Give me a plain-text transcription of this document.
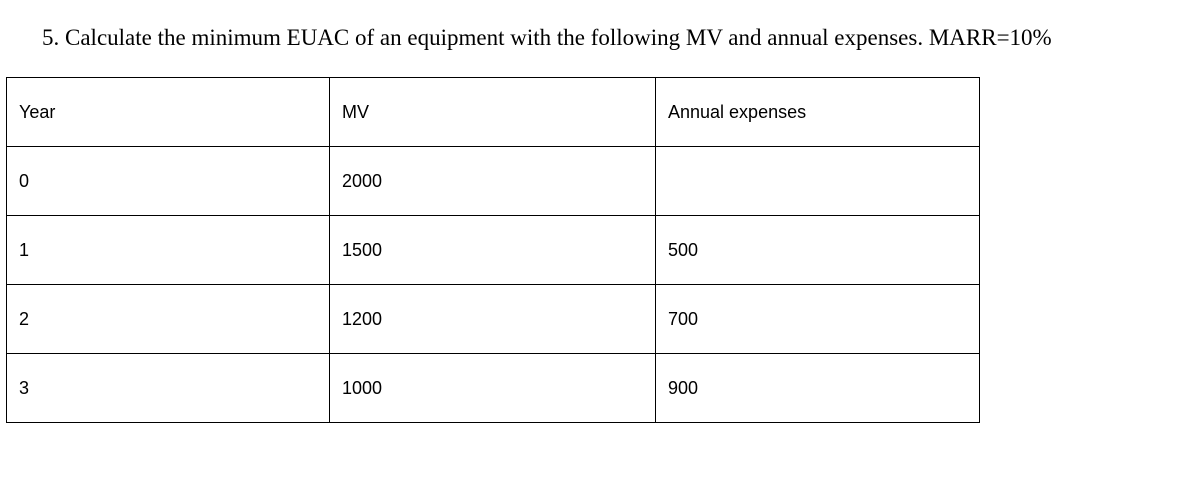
5. Calculate the minimum EUAC of an equipment with the following MV and annual expenses. MARR=10%
Year	MV	Annual expenses
0	2000	
1	1500	500
2	1200	700
3	1000	900
